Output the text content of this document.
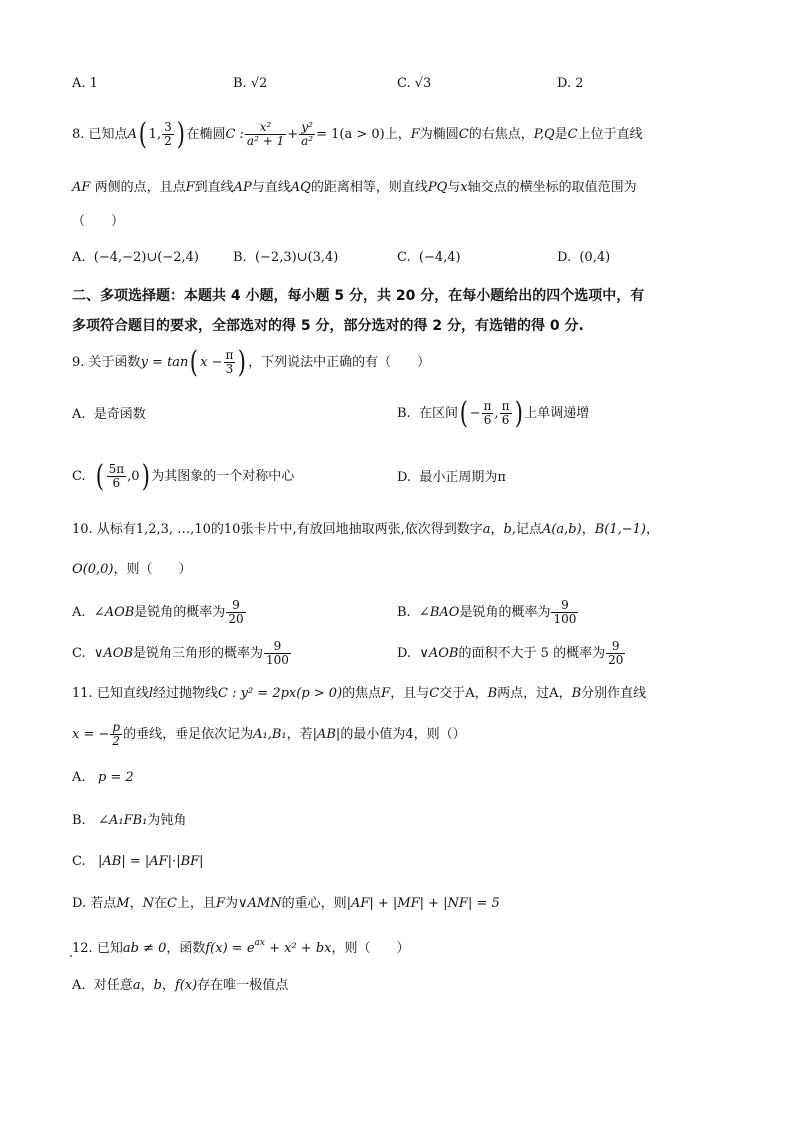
A. 1	B. √2	C. √3	D. 2
8. 已知点A( 1, $\frac{3}{2}$ ) 在椭圆C : $\frac{\text{x²}}{\text{a² + 1}} + \frac{\text{y²}}{\text{a²}} = 1(a > 0)$上，F为椭圆C的右焦点，P,Q是C上位于直线
AF 两侧的点，且点F到直线AP与直线AQ的距离相等，则直线PQ与x轴交点的横坐标的取值范围为
（　　）
A. (−4,−2)∪(−2,4)	B. (−2,3)∪(3,4)	C. (−4,4)	D. (0,4)
二、多项选择题：本题共 4 小题，每小题 5 分，共 20 分，在每小题给出的四个选项中，有
多项符合题目的要求，全部选对的得 5 分，部分选对的得 2 分，有选错的得 0 分.
9. 关于函数y = tan( $x - \frac{\pi}{3}$ ) ，下列说法中正确的有（　　）
A. 是奇函数	B. 在区间( − $\frac{\pi}{6}$ , $\frac{\pi}{6}$ ) 上单调递增
C. ( $\frac{5\pi}{6} ,0$) 为其图象的一个对称中心	D. 最小正周期为π
10. 从标有1,2,3, …,10的10张卡片中,有放回地抽取两张,依次得到数字a，b,记点A(a,b)，B(1,−1)，
O(0,0)，则（　　）
A. ∠AOB是锐角的概率为 $\frac{9}{20}$	B. ∠BAO是锐角的概率为 $\frac{9}{100}$
C. ∨AOB是锐角三角形的概率为 $\frac{9}{100}$	D. ∨AOB的面积不大于 5 的概率为 $\frac{9}{20}$
11. 已知直线l经过抛物线C : y² = 2px(p > 0)的焦点F，且与C交于A，B两点，过A，B分别作直线
x = − $\frac{p}{2}$ 的垂线，垂足依次记为A₁,B₁，若|AB|的最小值为4，则（）
A. p = 2
B. ∠A₁FB₁为钝角
C. |AB| = |AF|·|BF|
D. 若点M，N在C上，且F为∨AMN的重心，则|AF| + |MF| + |NF| = 5
12. 已知ab ≠ 0，函数$f(x) = e^{ax} + x^2$ + bx，则（　　）
A. 对任意a，b，f(x)存在唯一极值点
